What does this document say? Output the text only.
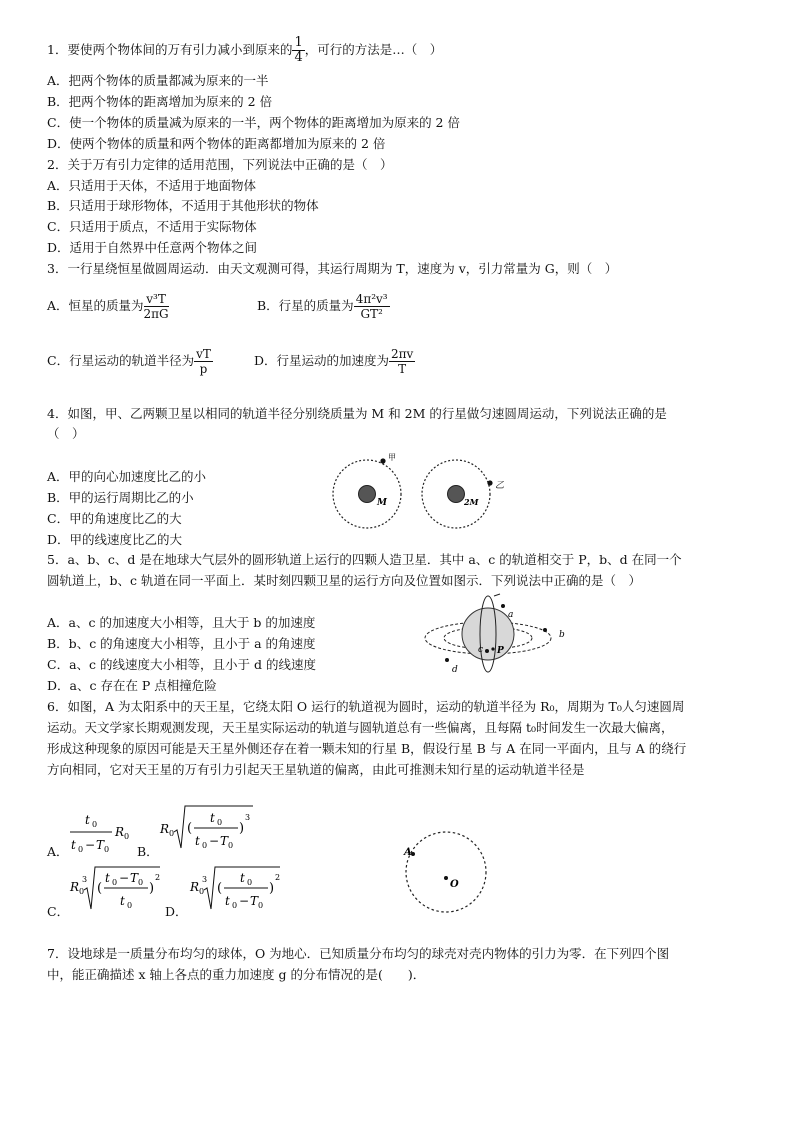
1．要使两个物体间的万有引力减小到原来的 $\frac{1}{4}$ ，可行的方法是…（　）
A．把两个物体的质量都减为原来的一半
B．把两个物体的距离增加为原来的 2 倍
C．使一个物体的质量减为原来的一半，两个物体的距离增加为原来的 2 倍
D．使两个物体的质量和两个物体的距离都增加为原来的 2 倍
2．关于万有引力定律的适用范围，下列说法中正确的是（　）
A．只适用于天体，不适用于地面物体
B．只适用于球形物体，不适用于其他形状的物体
C．只适用于质点，不适用于实际物体
D．适用于自然界中任意两个物体之间
3．一行星绕恒星做圆周运动．由天文观测可得，其运行周期为 T，速度为 v，引力常量为 G，则（　）
A．恒星的质量为 $\frac{\text{v³T}}{2\pi G}$	B．行星的质量为 $\frac{\text{4π²v³}}{\text{GT²}}$
C．行星运动的轨道半径为 $\frac{vT}{p}$	D．行星运动的加速度为 $\frac{2\pi v}{T}$
4．如图，甲、乙两颗卫星以相同的轨道半径分别绕质量为 M 和 2M 的行星做匀速圆周运动，下列说法正确的是
（　）
A．甲的向心加速度比乙的小
B．甲的运行周期比乙的小
C．甲的角速度比乙的大
D．甲的线速度比乙的大
M
甲
2M
乙
5．a、b、c、d 是在地球大气层外的圆形轨道上运行的四颗人造卫星．其中 a、c 的轨道相交于 P，b、d 在同一个
圆轨道上，b、c 轨道在同一平面上．某时刻四颗卫星的运行方向及位置如图示．下列说法中正确的是（　）
A．a、c 的加速度大小相等，且大于 b 的加速度
B．b、c 的角速度大小相等，且小于 a 的角速度
C．a、c 的线速度大小相等，且小于 d 的线速度
D．a、c 存在在 P 点相撞危险
a
b
c
d
P
6．如图，A 为太阳系中的天王星，它绕太阳 O 运行的轨道视为圆时，运动的轨道半径为 R₀，周期为 T₀人匀速圆周
运动。天文学家长期观测发现，天王星实际运动的轨道与圆轨道总有一些偏离，且每隔 t₀时间发生一次最大偏离，
形成这种现象的原因可能是天王星外侧还存在着一颗未知的行星 B，假设行星 B 与 A 在同一平面内，且与 A 的绕行
方向相同，它对天王星的万有引力引起天王星轨道的偏离，由此可推测未知行星的运动轨道半径是
A．
t 0
t 0 − T 0
R 0
B．
R 0 (
t 0
t 0 − T 0
)
3
C．
R 0
3
(
t 0 − T 0
t 0
)
2
D．
R 0
3
(
t 0
t 0 − T 0
)
2
O
A
7．设地球是一质量分布均匀的球体，O 为地心．已知质量分布均匀的球壳对壳内物体的引力为零．在下列四个图
中，能正确描述 x 轴上各点的重力加速度 g 的分布情况的是(　　)．
